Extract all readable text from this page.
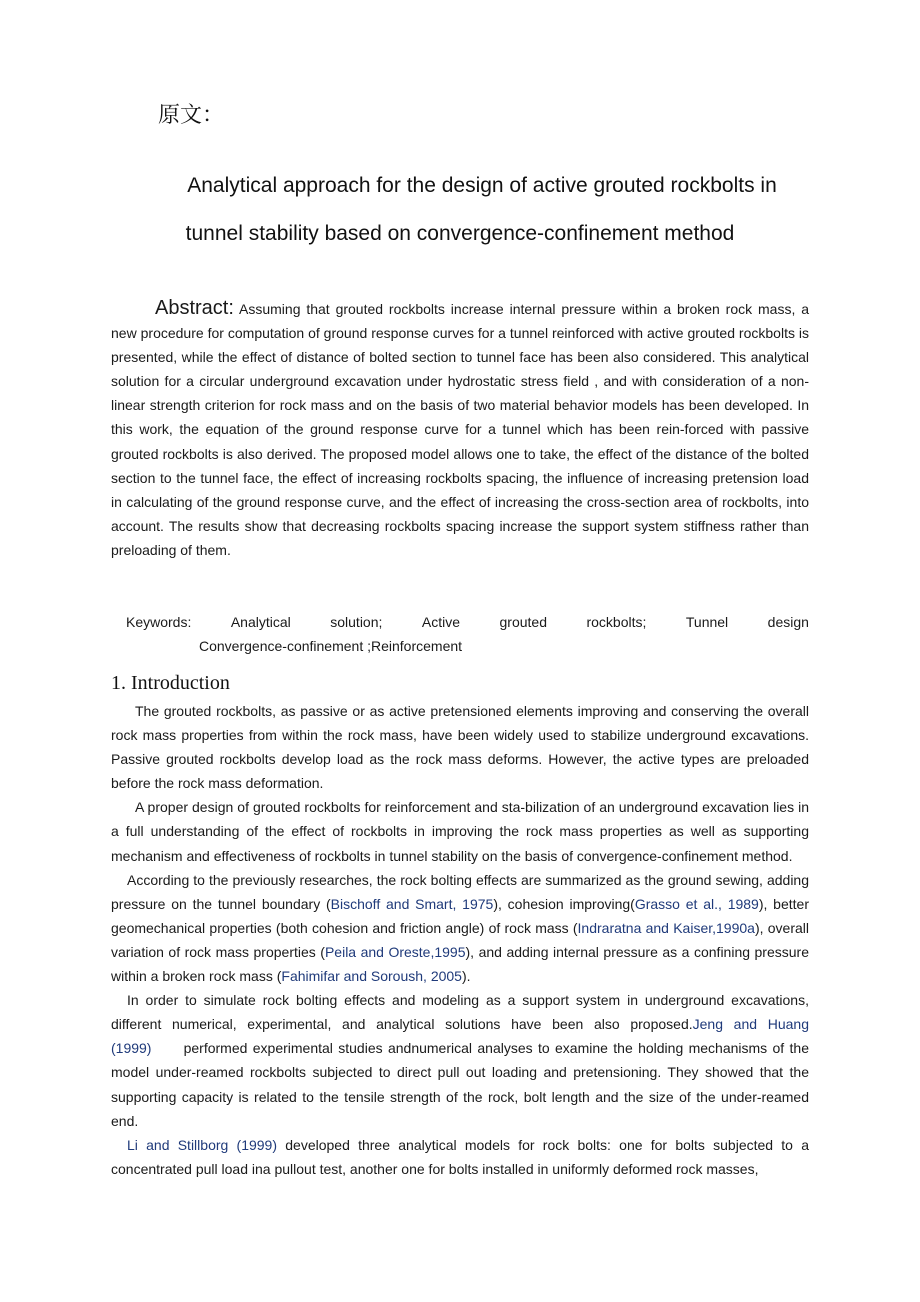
原文：
Analytical approach for the design of active grouted rockbolts in
tunnel stability based on convergence-confinement method
Abstract: Assuming that grouted rockbolts increase internal pressure within a broken rock mass, a new procedure for computation of ground response curves for a tunnel reinforced with active grouted rockbolts is presented, while the effect of distance of bolted section to tunnel face has been also considered. This analytical solution for a circular underground excavation under hydrostatic stress field , and with consideration of a non-linear strength criterion for rock mass and on the basis of two material behavior models has been developed. In this work, the equation of the ground response curve for a tunnel which has been rein-forced with passive grouted rockbolts is also derived. The proposed model allows one to take, the effect of the distance of the bolted section to the tunnel face, the effect of increasing rockbolts spacing, the influence of increasing pretension load in calculating of the ground response curve, and the effect of increasing the cross-section area of rockbolts, into account. The results show that decreasing rockbolts spacing increase the support system stiffness rather than preloading of them.
Keywords:	Analytical	solution;	Active	grouted	rockbolts;	Tunnel	design
Convergence-confinement ;Reinforcement
1. Introduction

The grouted rockbolts, as passive or as active pretensioned elements improving and conserving the overall rock mass properties from within the rock mass, have been widely used to stabilize underground excavations. Passive grouted rockbolts develop load as the rock mass deforms. However, the active types are preloaded before the rock mass deformation.

A proper design of grouted rockbolts for reinforcement and sta-bilization of an underground excavation lies in a full understanding of the effect of rockbolts in improving the rock mass properties as well as supporting mechanism and effectiveness of rockbolts in tunnel stability on the basis of convergence-confinement method.

According to the previously researches, the rock bolting effects are summarized as the ground sewing, adding pressure on the tunnel boundary (Bischoff and Smart, 1975), cohesion improving(Grasso et al., 1989), better geomechanical properties (both cohesion and friction angle) of rock mass (Indraratna and Kaiser,1990a), overall variation of rock mass properties (Peila and Oreste,1995), and adding internal pressure as a confining pressure within a broken rock mass (Fahimifar and Soroush, 2005).

In order to simulate rock bolting effects and modeling as a support system in underground excavations, different numerical, experimental, and analytical solutions have been also proposed.Jeng and Huang (1999) performed experimental studies andnumerical analyses to examine the holding mechanisms of the model under-reamed rockbolts subjected to direct pull out loading and pretensioning. They showed that the supporting capacity is related to the tensile strength of the rock, bolt length and the size of the under-reamed end.

Li and Stillborg (1999) developed three analytical models for rock bolts: one for bolts subjected to a concentrated pull load ina pullout test, another one for bolts installed in uniformly deformed rock masses,
